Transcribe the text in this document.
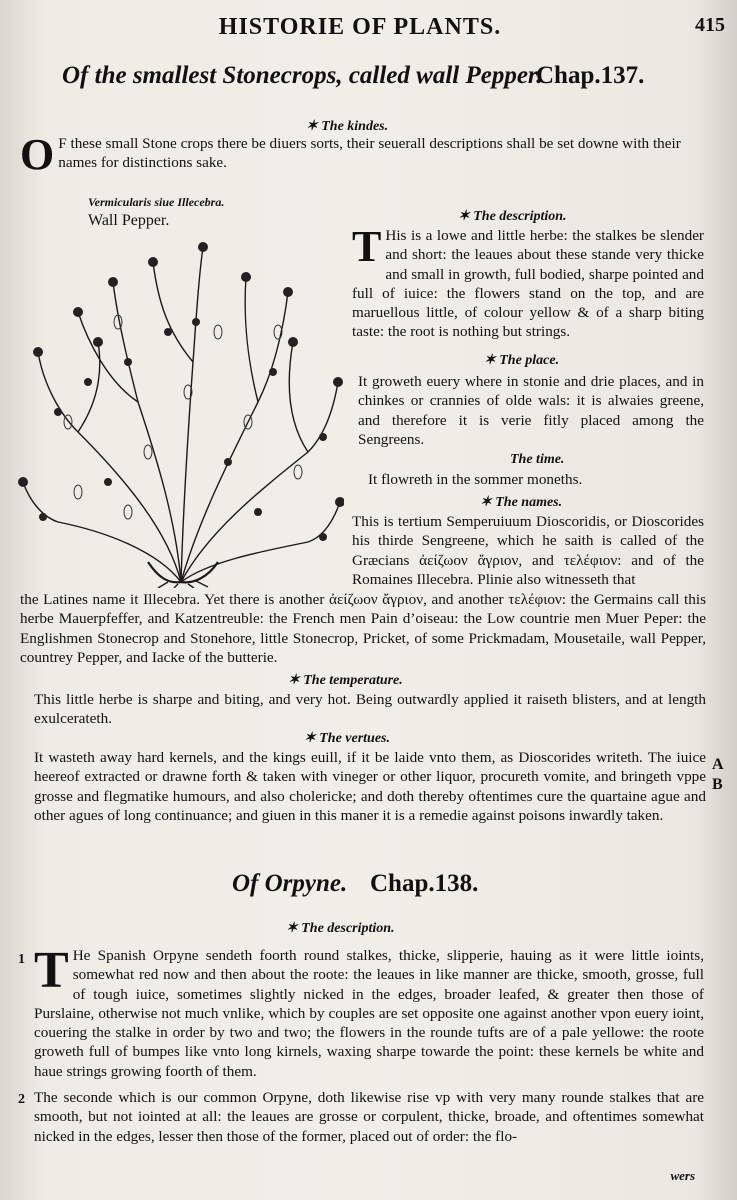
HISTORIE OF PLANTS.	415
Of the smallest Stonecrops, called wall Pepper.
Chap.137.
✶ The kindes.
O F these small Stone crops there be diuers sorts, their seuerall descriptions shall be set downe with their names for distinctions sake.
Vermicularis siue Illecebra.
Wall Pepper.	✶ The description.
T His is a lowe and little herbe: the stalkes be slender and short: the leaues about these stande very thicke and small in growth, full bodied, sharpe pointed and full of iuice: the flowers stand on the top, and are maruellous little, of colour yellow & of a sharp biting taste: the root is nothing but strings.
✶ The place.
It groweth euery where in stonie and drie places, and in chinkes or crannies of olde wals: it is alwaies greene, and therefore it is verie fitly placed among the Sengreens.
The time.
It flowreth in the sommer moneths.
✶ The names.
This is tertium Semperuiuum Dioscoridis, or Dioscorides his thirde Sengreene, which he saith is called of the Græcians ἀείζωον ἄγριον, and τελέφιον: and of the Romaines Illecebra. Plinie also witnesseth that
the Latines name it Illecebra. Yet there is another ἀείζωον ἄγριον, and another τελέφιον: the Germains call this herbe Mauerpfeffer, and Katzentreuble: the French men Pain d’oiseau: the Low countrie men Muer Peper: the Englishmen Stonecrop and Stonehore, little Stonecrop, Pricket, of some Prickmadam, Mousetaile, wall Pepper, countrey Pepper, and Iacke of the butterie.
✶ The temperature.
This little herbe is sharpe and biting, and very hot. Being outwardly applied it raiseth blisters, and at length exulcerateth.
✶ The vertues.
It wasteth away hard kernels, and the kings euill, if it be laide vnto them, as Dioscorides writeth. The iuice heereof extracted or drawne forth & taken with vineger or other liquor, procureth vomite, and bringeth vppe grosse and flegmatike humours, and also cholericke; and doth thereby oftentimes cure the quartaine ague and other agues of long continuance; and giuen in this maner it is a remedie against poisons inwardly taken.
A
B
Of Orpyne. Chap.138.
✶ The description.
1 T He Spanish Orpyne sendeth foorth round stalkes, thicke, slipperie, hauing as it were little ioints, somewhat red now and then about the roote: the leaues in like manner are thicke, smooth, grosse, full of tough iuice, sometimes slightly nicked in the edges, broader leafed, & greater then those of Purslaine, otherwise not much vnlike, which by couples are set opposite one against another vpon euery ioint, couering the stalke in order by two and two; the flowers in the rounde tufts are of a pale yellowe: the roote groweth full of bumpes like vnto long kirnels, waxing sharpe towarde the point: these kernels be white and haue strings growing foorth of them.
2 The seconde which is our common Orpyne, doth likewise rise vp with very many rounde stalkes that are smooth, but not iointed at all: the leaues are grosse or corpulent, thicke, broade, and oftentimes somewhat nicked in the edges, lesser then those of the former, placed out of order: the flo-
wers
